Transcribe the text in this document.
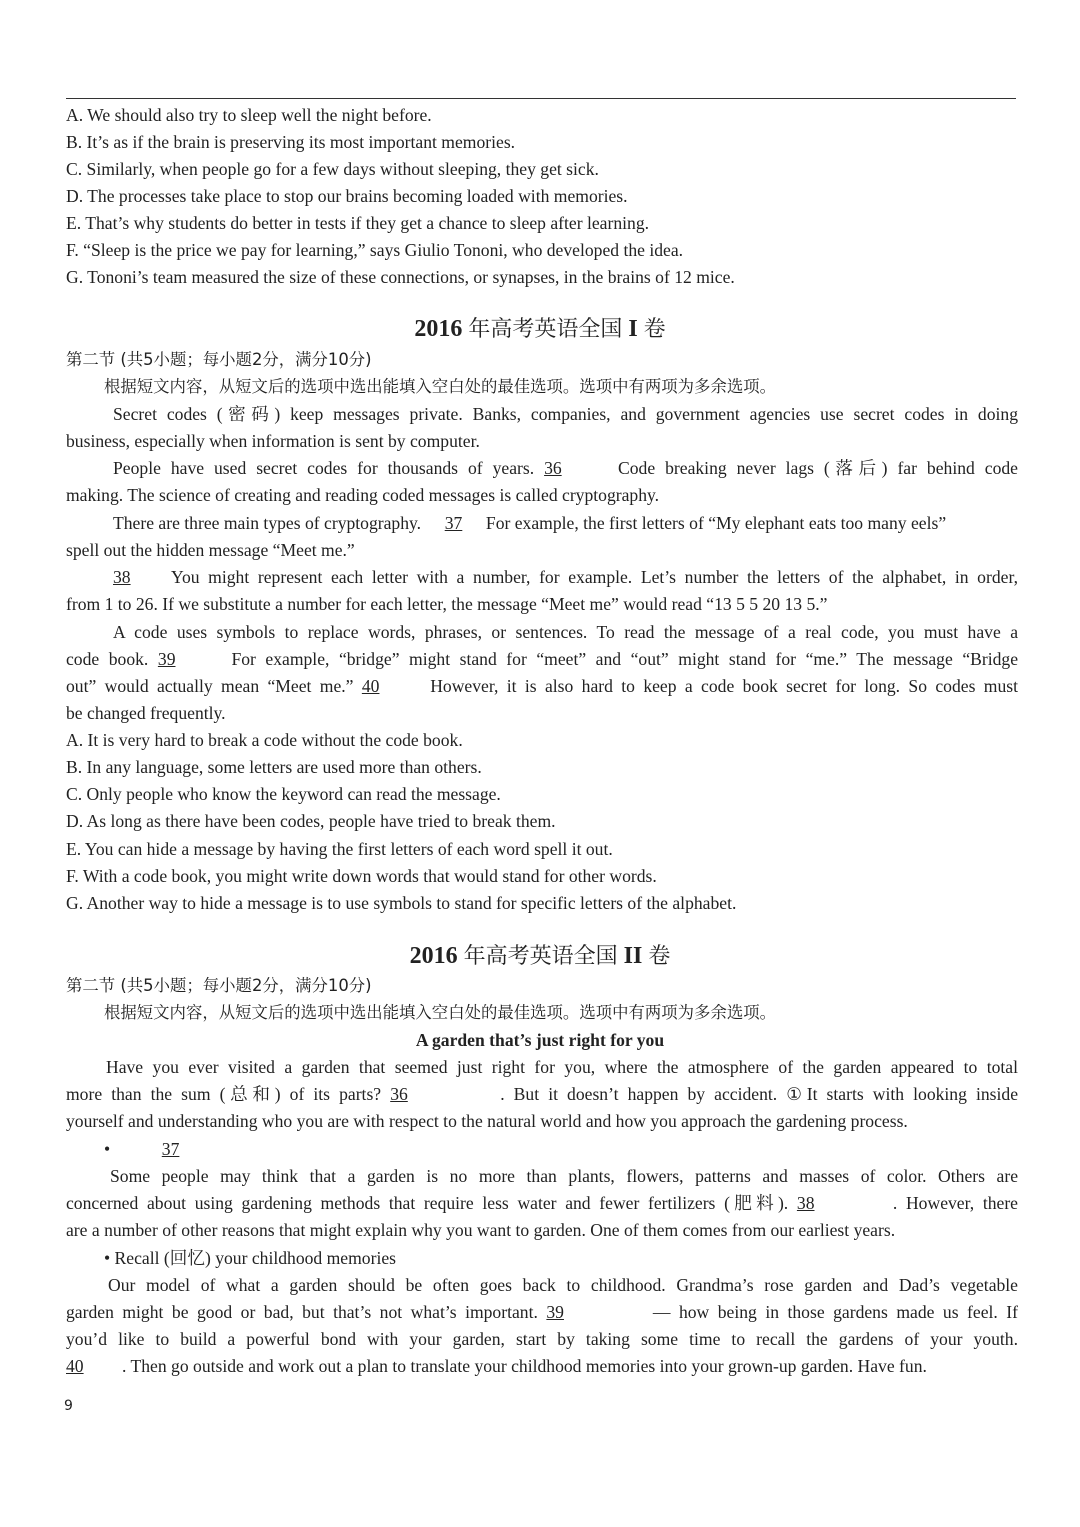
A. We should also try to sleep well the night before.
B. It’s as if the brain is preserving its most important memories.
C. Similarly, when people go for a few days without sleeping, they get sick.
D. The processes take place to stop our brains becoming loaded with memories.
E. That’s why students do better in tests if they get a chance to sleep after learning.
F. “Sleep is the price we pay for learning,” says Giulio Tononi, who developed the idea.
G. Tononi’s team measured the size of these connections, or synapses, in the brains of 12 mice.
2016 年高考英语全国 I 卷
第二节 (共5小题；每小题2分，满分10分)
根据短文内容，从短文后的选项中选出能填入空白处的最佳选项。选项中有两项为多余选项。
Secret codes (密码) keep messages private. Banks, companies, and government agencies use secret codes in doing
business, especially when information is sent by computer.
People have used secret codes for thousands of years. 36	Code breaking never lags (落后) far behind code
making. The science of creating and reading coded messages is called cryptography.
There are three main types of cryptography. 37 For example, the first letters of “My elephant eats too many eels”
spell out the hidden message “Meet me.”
38 You might represent each letter with a number, for example. Let’s number the letters of the alphabet, in order,
from 1 to 26. If we substitute a number for each letter, the message “Meet me” would read “13 5 5 20 13 5.”
A code uses symbols to replace words, phrases, or sentences. To read the message of a real code, you must have a
code book. 39	For example, “bridge” might stand for “meet” and “out” might stand for “me.” The message “Bridge
out” would actually mean “Meet me.” 40	However, it is also hard to keep a code book secret for long. So codes must
be changed frequently.
A. It is very hard to break a code without the code book.
B. In any language, some letters are used more than others.
C. Only people who know the keyword can read the message.
D. As long as there have been codes, people have tried to break them.
E. You can hide a message by having the first letters of each word spell it out.
F. With a code book, you might write down words that would stand for other words.
G. Another way to hide a message is to use symbols to stand for specific letters of the alphabet.
2016 年高考英语全国 II 卷
第二节 (共5小题；每小题2分，满分10分)
根据短文内容，从短文后的选项中选出能填入空白处的最佳选项。选项中有两项为多余选项。
A garden that’s just right for you
Have you ever visited a garden that seemed just right for you, where the atmosphere of the garden appeared to total
more than the sum (总和) of its parts? 36	. But it doesn’t happen by accident. ①It starts with looking inside
yourself and understanding who you are with respect to the natural world and how you approach the gardening process.
•	37
Some people may think that a garden is no more than plants, flowers, patterns and masses of color. Others are
concerned about using gardening methods that require less water and fewer fertilizers (肥料). 38	. However, there
are a number of other reasons that might explain why you want to garden. One of them comes from our earliest years.
• Recall (回忆) your childhood memories
Our model of what a garden should be often goes back to childhood. Grandma’s rose garden and Dad’s vegetable
garden might be good or bad, but that’s not what’s important. 39	— how being in those gardens made us feel. If
you’d like to build a powerful bond with your garden, start by taking some time to recall the gardens of your youth.
40 . Then go outside and work out a plan to translate your childhood memories into your grown-up garden. Have fun.
9
